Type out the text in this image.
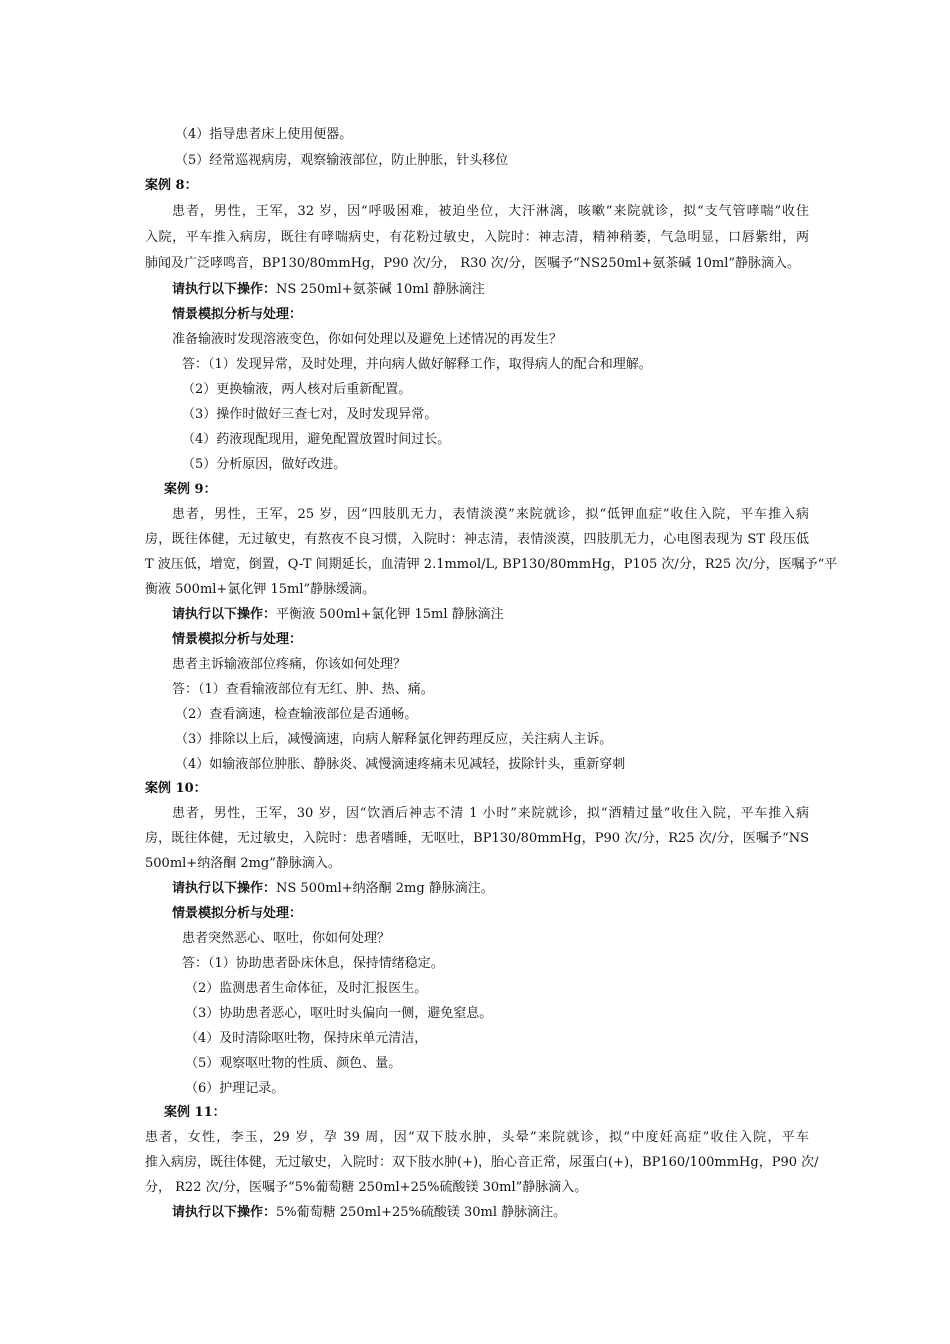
（4）指导患者床上使用便器。

（5）经常巡视病房，观察输液部位，防止肿胀，针头移位

案例 8：

患者，男性，王军，32 岁，因“呼吸困难，被迫坐位，大汗淋漓，咳嗽”来院就诊，拟“支气管哮喘”收住

入院，平车推入病房，既往有哮喘病史，有花粉过敏史，入院时：神志清，精神稍萎，气急明显，口唇紫绀，两

肺闻及广泛哮鸣音，BP130/80mmHg，P90 次/分， R30 次/分，医嘱予“NS250ml+氨茶碱 10ml”静脉滴入。

请执行以下操作：NS 250ml+氨茶碱 10ml 静脉滴注

情景模拟分析与处理：

准备输液时发现溶液变色，你如何处理以及避免上述情况的再发生？

答：（1）发现异常，及时处理，并向病人做好解释工作，取得病人的配合和理解。

（2）更换输液，两人核对后重新配置。

（3）操作时做好三查七对，及时发现异常。

（4）药液现配现用，避免配置放置时间过长。

（5）分析原因，做好改进。

案例 9：

患者，男性，王军，25 岁，因“四肢肌无力，表情淡漠”来院就诊，拟“低钾血症”收住入院，平车推入病

房，既往体健，无过敏史，有熬夜不良习惯，入院时：神志清，表情淡漠，四肢肌无力，心电图表现为 ST 段压低

T 波压低，增宽，倒置，Q-T 间期延长，血清钾 2.1mmol/L, BP130/80mmHg，P105 次/分，R25 次/分，医嘱予“平

衡液 500ml+氯化钾 15ml”静脉缓滴。

请执行以下操作：平衡液 500ml+氯化钾 15ml 静脉滴注

情景模拟分析与处理：

患者主诉输液部位疼痛，你该如何处理？

答：（1）查看输液部位有无红、肿、热、痛。

（2）查看滴速，检查输液部位是否通畅。

（3）排除以上后，减慢滴速，向病人解释氯化钾药理反应，关注病人主诉。

（4）如输液部位肿胀、静脉炎、减慢滴速疼痛未见减轻，拔除针头，重新穿刺

案例 10：

患者，男性，王军，30 岁，因“饮酒后神志不清 1 小时”来院就诊，拟“酒精过量”收住入院，平车推入病

房，既往体健，无过敏史，入院时：患者嗜睡，无呕吐，BP130/80mmHg，P90 次/分，R25 次/分，医嘱予“NS

500ml+纳洛酮 2mg”静脉滴入。

请执行以下操作：NS 500ml+纳洛酮 2mg 静脉滴注。

情景模拟分析与处理：

患者突然恶心、呕吐，你如何处理？

答：（1）协助患者卧床休息，保持情绪稳定。

（2）监测患者生命体征，及时汇报医生。

（3）协助患者恶心，呕吐时头偏向一侧，避免窒息。

（4）及时清除呕吐物，保持床单元清洁，

（5）观察呕吐物的性质、颜色、量。

（6）护理记录。

案例 11：

患者，女性，李玉，29 岁，孕 39 周，因“双下肢水肿，头晕”来院就诊，拟“中度妊高症”收住入院，平车

推入病房，既往体健，无过敏史，入院时：双下肢水肿(+)，胎心音正常，尿蛋白(+)，BP160/100mmHg，P90 次/

分， R22 次/分，医嘱予“5%葡萄糖 250ml+25%硫酸镁 30ml”静脉滴入。

请执行以下操作：5%葡萄糖 250ml+25%硫酸镁 30ml 静脉滴注。
